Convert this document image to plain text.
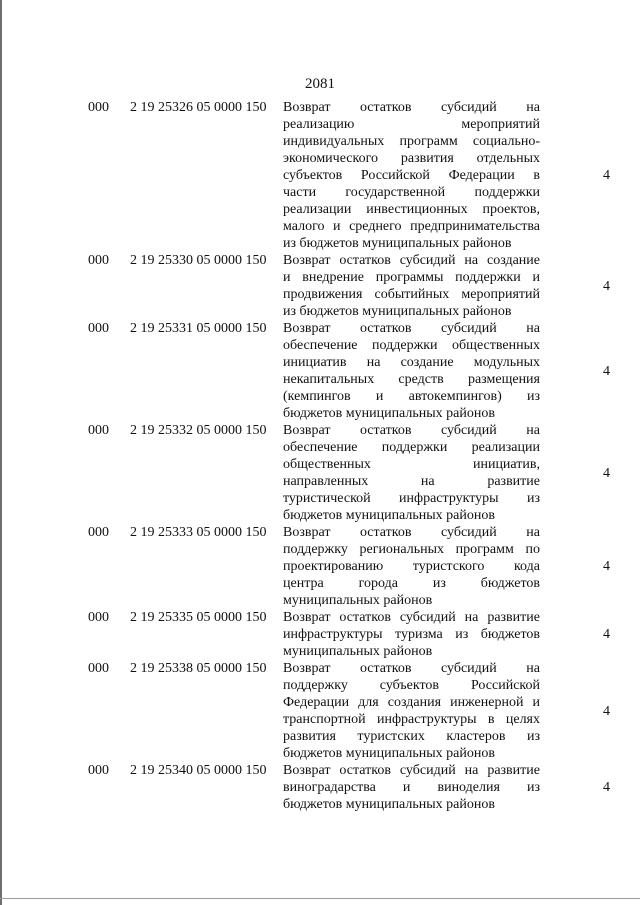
2081
000	2 19 25326 05 0000 150	Возврат остатков субсидий на
реализацию мероприятий
индивидуальных программ социально-
экономического развития отдельных
субъектов Российской Федерации в
части государственной поддержки
реализации инвестиционных проектов,
малого и среднего предпринимательства
из бюджетов муниципальных районов
4
000	2 19 25330 05 0000 150	Возврат остатков субсидий на создание
и внедрение программы поддержки и
продвижения событийных мероприятий
из бюджетов муниципальных районов
4
000	2 19 25331 05 0000 150	Возврат остатков субсидий на
обеспечение поддержки общественных
инициатив на создание модульных
некапитальных средств размещения
(кемпингов и автокемпингов) из
бюджетов муниципальных районов
4
000	2 19 25332 05 0000 150	Возврат остатков субсидий на
обеспечение поддержки реализации
общественных инициатив,
направленных на развитие
туристической инфраструктуры из
бюджетов муниципальных районов
4
000	2 19 25333 05 0000 150	Возврат остатков субсидий на
поддержку региональных программ по
проектированию туристского кода
центра города из бюджетов
муниципальных районов
4
000	2 19 25335 05 0000 150	Возврат остатков субсидий на развитие
инфраструктуры туризма из бюджетов
муниципальных районов
4
000	2 19 25338 05 0000 150	Возврат остатков субсидий на
поддержку субъектов Российской
Федерации для создания инженерной и
транспортной инфраструктуры в целях
развития туристских кластеров из
бюджетов муниципальных районов
4
000	2 19 25340 05 0000 150	Возврат остатков субсидий на развитие
виноградарства и виноделия из
бюджетов муниципальных районов
4
